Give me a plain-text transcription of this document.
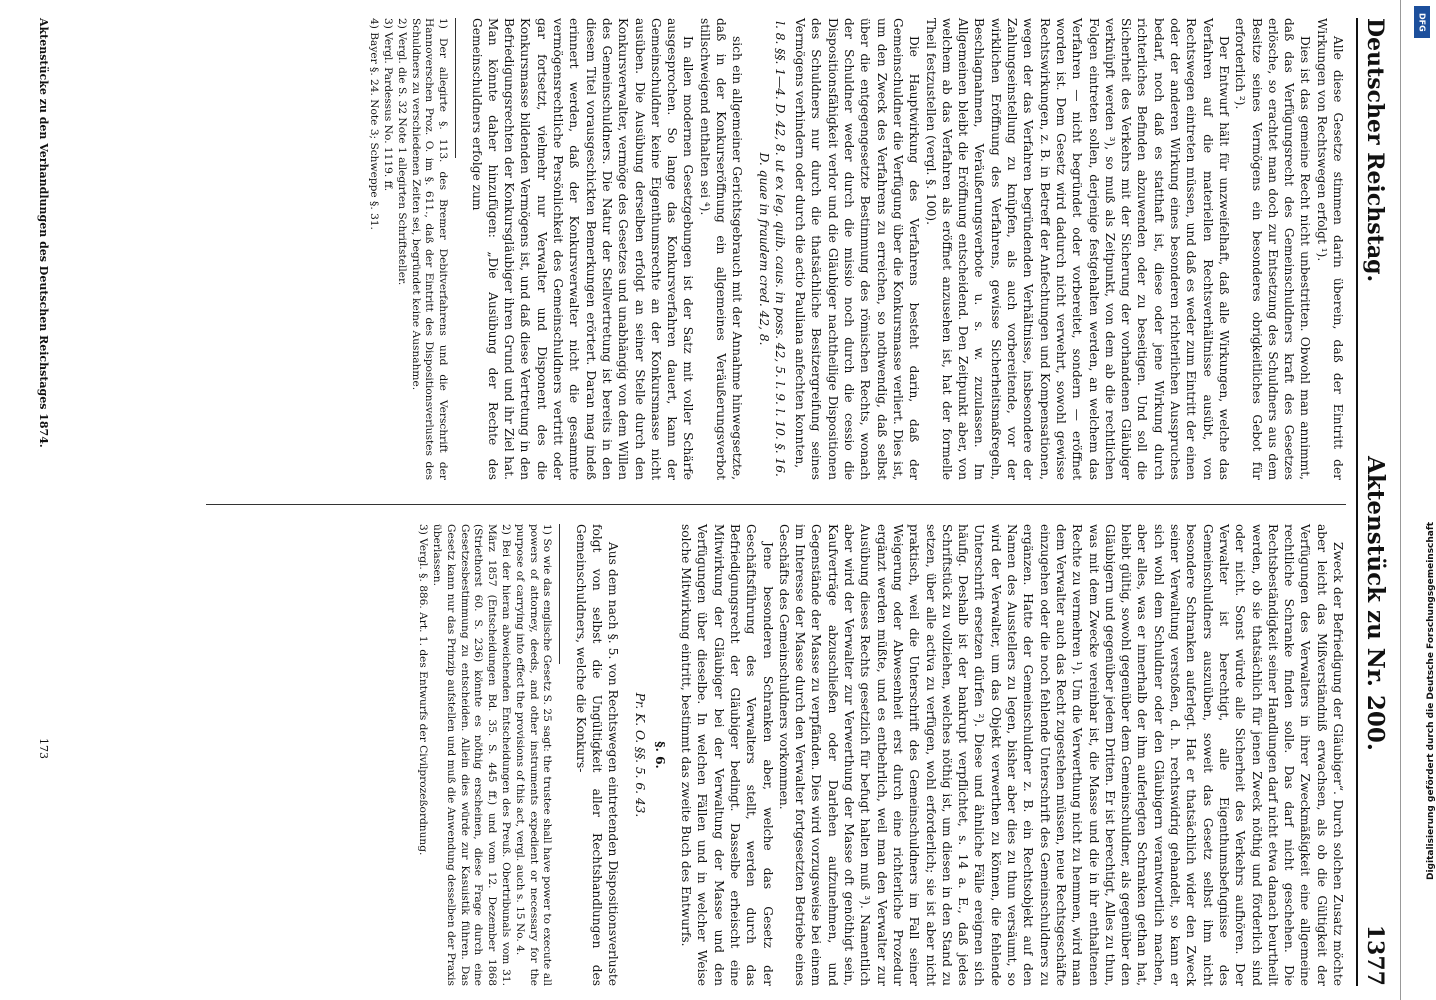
Deutscher Reichstag.
Aktenstück zu Nr. 200.
1377

Alle diese Gesetze stimmen darin überein, daß der Eintritt der Wirkungen von Rechtswegen erfolgt ¹).

Dies ist das gemeine Recht nicht unbestritten. Obwohl man annimmt, daß das Verfügungsrecht des Gemeinschuldners kraft des Gesetzes erlösche, so erachtet man doch zur Entsetzung des Schuldners aus dem Besitze seines Vermögens ein besonderes obrigkeitliches Gebot für erforderlich ²).

Der Entwurf hält für unzweifelhaft, daß alle Wirkungen, welche das Verfahren auf die materiellen Rechtsverhältnisse ausübt, von Rechtswegen eintreten müssen, und daß es weder zum Eintritt der einen oder der anderen Wirkung eines besonderen richterlichen Ausspruches bedarf, noch daß es statthaft ist, diese oder jene Wirkung durch richterliches Befinden abzuwenden oder zu beseitigen. Und soll die Sicherheit des Verkehrs mit der Sicherung der vorhandenen Gläubiger verknüpft werden ³), so muß als Zeitpunkt, von dem ab die rechtlichen Folgen eintreten sollen, derjenige festgehalten werden, an welchem das Verfahren — nicht begründet oder vorbereitet, sondern — eröffnet worden ist. Dem Gesetz wird dadurch nicht verwehrt, sowohl gewisse Rechtswirkungen, z. B. in Betreff der Anfechtungen und Kompensationen, wegen der das Verfahren begründenden Verhältnisse, insbesondere der Zahlungseinstellung zu knüpfen, als auch vorbereitende, vor der wirklichen Eröffnung des Verfahrens, gewisse Sicherheitsmaßregeln, Beschlagnahmen, Veräußerungsverbote u. s. w. zuzulassen. Im Allgemeinen bleibt die Eröffnung entscheidend. Den Zeitpunkt aber, von welchem ab das Verfahren als eröffnet anzusehen ist, hat der formelle Theil festzustellen (vergl. §. 100).

Die Hauptwirkung des Verfahrens besteht darin, daß der Gemeinschuldner die Verfügung über die Konkursmasse verliert. Dies ist, um den Zweck des Verfahrens zu erreichen, so nothwendig, daß selbst über die entgegengesetzte Bestimmung des römischen Rechts, wonach der Schuldner weder durch die missio noch durch die cessio die Dispositionsfähigkeit verlor und die Gläubiger nachtheilige Dispositionen des Schuldners nur durch die thatsächliche Besitzergreifung seines Vermögens verhindern oder durch die actio Pauliana anfechten konnten,

l. 8. §§. 1—4. D. 42, 8. ut ex leg. quib. caus. in poss. 42, 5. l. 9. l. 10. §. 16. D. quae in fraudem cred. 42, 8.

sich ein allgemeiner Gerichtsgebrauch mit der Annahme hinwegsetzte, daß in der Konkurseröffnung ein allgemeines Veräußerungsverbot stillschweigend enthalten sei ⁴).

In allen modernen Gesetzgebungen ist der Satz mit voller Schärfe ausgesprochen. So lange das Konkursverfahren dauert, kann der Gemeinschuldner keine Eigenthumsrechte an der Konkursmasse nicht ausüben. Die Ausübung derselben erfolgt an seiner Stelle durch den Konkursverwalter, vermöge des Gesetzes und unabhängig von dem Willen des Gemeinschuldners. Die Natur der Stellvertretung ist bereits in den diesem Titel vorausgeschickten Bemerkungen erörtert. Daran mag indeß erinnert werden, daß der Konkursverwalter nicht die gesammte vermögensrechtliche Persönlichkeit des Gemeinschuldners vertritt oder gar fortsetzt, vielmehr nur Verwalter und Disponent des die Konkursmasse bildenden Vermögens ist, und daß diese Vertretung in den Befriedigungsrechten der Konkursgläubiger ihren Grund und ihr Ziel hat. Man könnte daher hinzufügen: „Die Ausübung der Rechte des Gemeinschuldners erfolge zum

1) Der allegirte §. 113. des Bremer Debitverfahrens und die Verschrift der Hannoverschen Proz. O. im §. 611., daß der Eintritt des Dispositionsverlustes des Schuldners zu verschiedenen Zeiten sei, begründet keine Ausnahme.

2) Vergl. die S. 32 Note 1 allegirten Schriftsteller.

3) Vergl. Pardessus No. 1119. ff.

4) Bayer §. 24. Note 3; Schweppe §. 31.

Zweck der Befriedigung der Gläubiger“. Durch solchen Zusatz möchte aber leicht das Mißverständniß erwachsen, als ob die Gültigkeit der Verfügungen des Verwalters in ihrer Zweckmäßigkeit eine allgemeine rechtliche Schranke finden solle. Das darf nicht geschehen. Die Rechtsbeständigkeit seiner Handlungen darf nicht etwa danach beurtheilt werden, ob sie thatsächlich für jenen Zweck nöthig und förderlich sind oder nicht. Sonst würde alle Sicherheit des Verkehrs aufhören. Der Verwalter ist berechtigt, alle Eigenthumsbefugnisse des Gemeinschuldners auszuüben, soweit das Gesetz selbst ihm nicht besondere Schranken auferlegt. Hat er thatsächlich wider den Zweck seiner Verwaltung verstoßen, d. h. rechtswidrig gehandelt, so kann er sich wohl dem Schuldner oder den Gläubigern verantwortlich machen, aber alles, was er innerhalb der ihm auferlegten Schranken gethan hat, bleibt gültig, sowohl gegenüber dem Gemeinschuldner, als gegenüber den Gläubigern und gegenüber jedem Dritten. Er ist berechtigt, Alles zu thun, was mit dem Zwecke vereinbar ist, die Masse und die in ihr enthaltenen Rechte zu vermehren ¹). Um die Verwerthung nicht zu hemmen, wird man dem Verwalter auch das Recht zugestehen müssen, neue Rechtsgeschäfte einzugehen oder die noch fehlende Unterschrift des Gemeinschuldners zu ergänzen. Hatte der Gemeinschuldner z. B. ein Rechtsobjekt auf den Namen des Ausstellers zu legen, bisher aber dies zu thun versäumt, so wird der Verwalter, um das Objekt verwerthen zu können, die fehlende Unterschrift ersetzen dürfen ²). Diese und ähnliche Fälle ereignen sich häufig. Deshalb ist der bankrupt verpflichtet, s. 14 a. E., daß jedes Schriftstück zu vollziehen, welches nöthig ist, um diesen in den Stand zu setzen, über alle activa zu verfügen, wohl erforderlich; sie ist aber nicht praktisch, weil die Unterschrift des Gemeinschuldners im Fall seiner Weigerung oder Abwesenheit erst durch eine richterliche Prozedur ergänzt werden müßte, und es entbehrlich, weil man den Verwalter zur Ausübung dieses Rechts gesetzlich für befugt halten muß ³). Namentlich aber wird der Verwalter zur Verwerthung der Masse oft genöthigt sein, Kaufverträge abzuschließen oder Darlehen aufzunehmen, und Gegenstände der Masse zu verpfänden. Dies wird vorzugsweise bei einem im Interesse der Masse durch den Verwalter fortgesetzten Betriebe eines Geschäfts des Gemeinschuldners vorkommen.

Jene besonderen Schranken aber, welche das Gesetz der Geschäftsführung des Verwalters stellt, werden durch das Befriedigungsrecht der Gläubiger bedingt. Dasselbe erheischt eine Mitwirkung der Gläubiger bei der Verwaltung der Masse und den Verfügungen über dieselbe. In welchen Fällen und in welcher Weise solche Mitwirkung eintritt, bestimmt das zweite Buch des Entwurfs.

§. 6.

Pr. K. O. §§. 5. 6. 43.

Aus dem nach §. 5. von Rechtswegen eintretenden Dispositionsverluste folgt von selbst die Ungültigkeit aller Rechtshandlungen des Gemeinschuldners, welche die Konkurs-

1) So wie das englische Gesetz S. 25 sagt: the trustee shall have power to execute all powers of attorney, deeds, and other instruments expedient or necessary for the purpose of carrying into effect the provisions of this act, vergl. auch s. 15 No. 4.

2) Bei der hieran abweichenden Entscheidungen des Preuß. Obertribunals vom 31. März 1857 (Entscheidungen Bd. 35. S. 445 ff.) und vom 12. Dezember 1868 (Striethorst 60. S. 236) könnte es nöthig erscheinen, diese Frage durch eine Gesetzesbestimmung zu entscheiden. Allein dies würde zur Kasuistik führen. Das Gesetz kann nur das Prinzip aufstellen und muß die Anwendung desselben der Praxis überlassen.

3) Vergl. §. 886. Art. 1. des Entwurfs der Civilprozeßordnung.

Aktenstücke zu den Verhandlungen des Deutschen Reichstages 1874.
173
DFG
Digitalisierung gefördert durch die Deutsche Forschungsgemeinschaft
